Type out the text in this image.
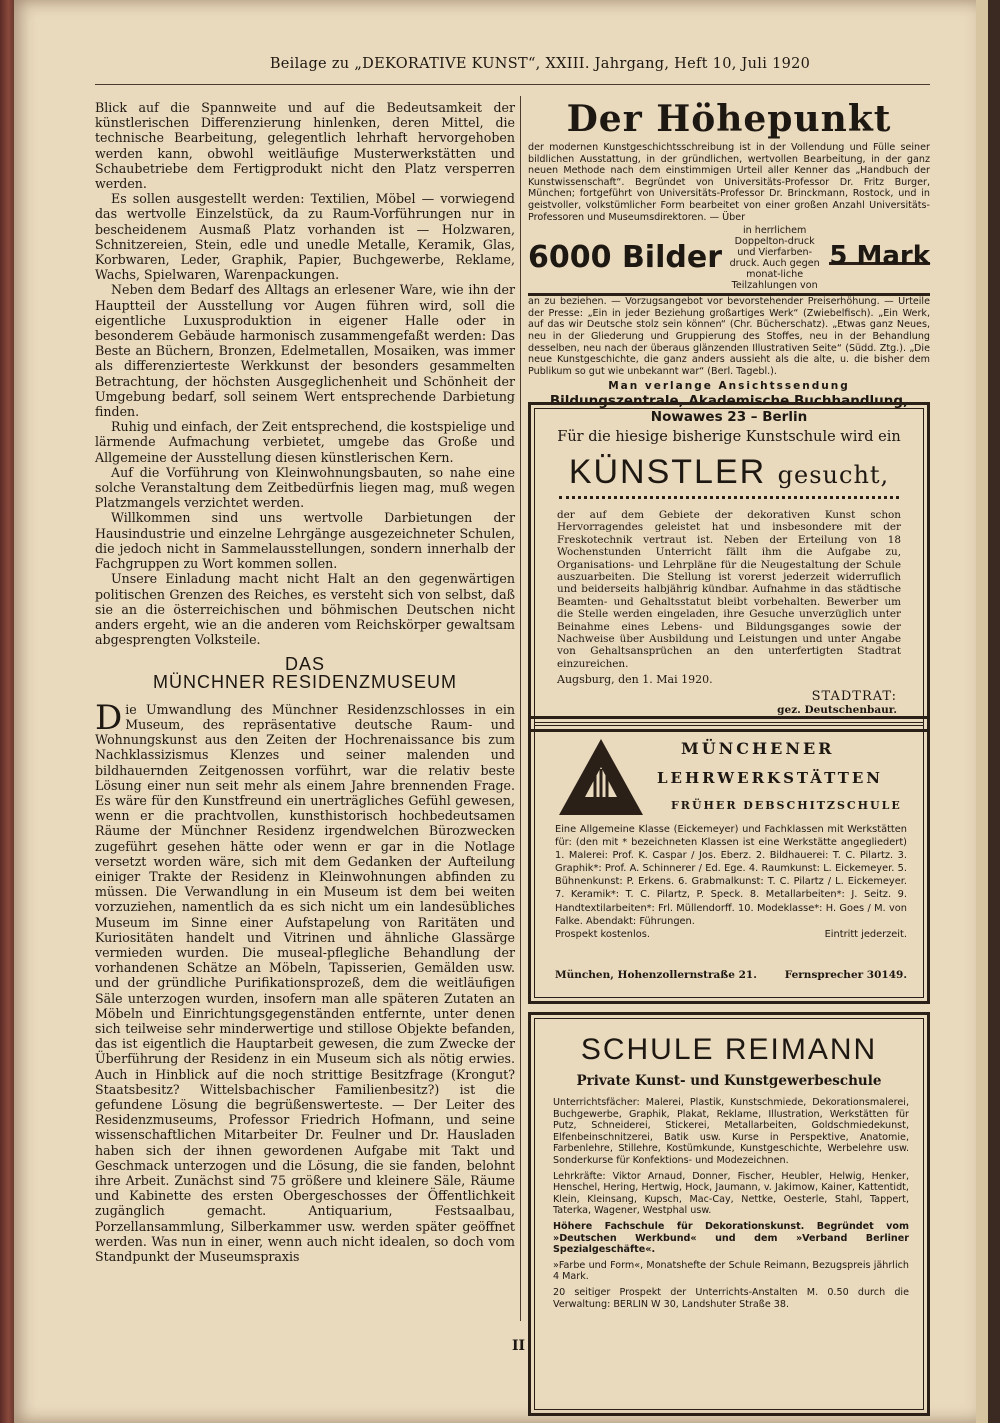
Beilage zu „DEKORATIVE KUNST“, XXIII. Jahrgang, Heft 10, Juli 1920

Blick auf die Spannweite und auf die Bedeutsamkeit der künstlerischen Differenzierung hinlenken, deren Mittel, die technische Bearbeitung, gelegentlich lehrhaft hervorgehoben werden kann, obwohl weitläufige Musterwerkstätten und Schaubetriebe dem Fertigprodukt nicht den Platz versperren werden.

Es sollen ausgestellt werden: Textilien, Möbel — vorwiegend das wertvolle Einzelstück, da zu Raum-Vorführungen nur in bescheidenem Ausmaß Platz vorhanden ist — Holzwaren, Schnitzereien, Stein, edle und unedle Metalle, Keramik, Glas, Korbwaren, Leder, Graphik, Papier, Buchgewerbe, Reklame, Wachs, Spielwaren, Warenpackungen.

Neben dem Bedarf des Alltags an erlesener Ware, wie ihn der Hauptteil der Ausstellung vor Augen führen wird, soll die eigentliche Luxusproduktion in eigener Halle oder in besonderem Gebäude harmonisch zusammengefaßt werden: Das Beste an Büchern, Bronzen, Edelmetallen, Mosaiken, was immer als differenzierteste Werkkunst der besonders gesammelten Betrachtung, der höchsten Ausgeglichenheit und Schönheit der Umgebung bedarf, soll seinem Wert entsprechende Darbietung finden.

Ruhig und einfach, der Zeit entsprechend, die kostspielige und lärmende Aufmachung verbietet, umgebe das Große und Allgemeine der Ausstellung diesen künstlerischen Kern.

Auf die Vorführung von Kleinwohnungsbauten, so nahe eine solche Veranstaltung dem Zeitbedürfnis liegen mag, muß wegen Platzmangels verzichtet werden.

Willkommen sind uns wertvolle Darbietungen der Hausindustrie und einzelne Lehrgänge ausgezeichneter Schulen, die jedoch nicht in Sammelausstellungen, sondern innerhalb der Fachgruppen zu Wort kommen sollen.

Unsere Einladung macht nicht Halt an den gegenwärtigen politischen Grenzen des Reiches, es versteht sich von selbst, daß sie an die österreichischen und böhmischen Deutschen nicht anders ergeht, wie an die anderen vom Reichskörper gewaltsam abgesprengten Volksteile.

DAS
MÜNCHNER RESIDENZMUSEUM

Die Umwandlung des Münchner Residenzschlosses in ein Museum, des repräsentative deutsche Raum- und Wohnungskunst aus den Zeiten der Hochrenaissance bis zum Nachklassizismus Klenzes und seiner malenden und bildhauernden Zeitgenossen vorführt, war die relativ beste Lösung einer nun seit mehr als einem Jahre brennenden Frage. Es wäre für den Kunstfreund ein unerträgliches Gefühl gewesen, wenn er die prachtvollen, kunsthistorisch hochbedeutsamen Räume der Münchner Residenz irgendwelchen Bürozwecken zugeführt gesehen hätte oder wenn er gar in die Notlage versetzt worden wäre, sich mit dem Gedanken der Aufteilung einiger Trakte der Residenz in Kleinwohnungen abfinden zu müssen. Die Verwandlung in ein Museum ist dem bei weiten vorzuziehen, namentlich da es sich nicht um ein landesübliches Museum im Sinne einer Aufstapelung von Raritäten und Kuriositäten handelt und Vitrinen und ähnliche Glassärge vermieden wurden. Die museal-pflegliche Behandlung der vorhandenen Schätze an Möbeln, Tapisserien, Gemälden usw. und der gründliche Purifikationsprozeß, dem die weitläufigen Säle unterzogen wurden, insofern man alle späteren Zutaten an Möbeln und Einrichtungsgegenständen entfernte, unter denen sich teilweise sehr minderwertige und stillose Objekte befanden, das ist eigentlich die Hauptarbeit gewesen, die zum Zwecke der Überführung der Residenz in ein Museum sich als nötig erwies. Auch in Hinblick auf die noch strittige Besitzfrage (Krongut? Staatsbesitz? Wittelsbachischer Familienbesitz?) ist die gefundene Lösung die begrüßenswerteste. — Der Leiter des Residenzmuseums, Professor Friedrich Hofmann, und seine wissenschaftlichen Mitarbeiter Dr. Feulner und Dr. Hausladen haben sich der ihnen gewordenen Aufgabe mit Takt und Geschmack unterzogen und die Lösung, die sie fanden, belohnt ihre Arbeit. Zunächst sind 75 größere und kleinere Säle, Räume und Kabinette des ersten Obergeschosses der Öffentlichkeit zugänglich gemacht. Antiquarium, Festsaalbau, Porzellansammlung, Silberkammer usw. werden später geöffnet werden. Was nun in einer, wenn auch nicht idealen, so doch vom Standpunkt der Museumspraxis

Der Höhepunkt
der modernen Kunstgeschichtsschreibung ist in der Vollendung und Fülle seiner bildlichen Ausstattung, in der gründlichen, wertvollen Bearbeitung, in der ganz neuen Methode nach dem einstimmigen Urteil aller Kenner das „Handbuch der Kunstwissenschaft“. Begründet von Universitäts-Professor Dr. Fritz Burger, München; fortgeführt von Universitäts-Professor Dr. Brinckmann, Rostock, und in geistvoller, volkstümlicher Form bearbeitet von einer großen Anzahl Universitäts-Professoren und Museumsdirektoren. — Über
6000 Bilder
in herrlichem Doppelton-druck und Vierfarben-druck. Auch gegen monat-liche Teilzahlungen von
5 Mark
an zu beziehen. — Vorzugsangebot vor bevorstehender Preiserhöhung. — Urteile der Presse: „Ein in jeder Beziehung großartiges Werk“ (Zwiebelfisch). „Ein Werk, auf das wir Deutsche stolz sein können“ (Chr. Bücherschatz). „Etwas ganz Neues, neu in der Gliederung und Gruppierung des Stoffes, neu in der Behandlung desselben, neu nach der überaus glänzenden Illustrativen Seite“ (Südd. Ztg.). „Die neue Kunstgeschichte, die ganz anders aussieht als die alte, u. die bisher dem Publikum so gut wie unbekannt war“ (Berl. Tagebl.).
Man verlange Ansichtssendung
Bildungszentrale, Akademische Buchhandlung,
Nowawes 23 – Berlin
Für die hiesige bisherige Kunstschule wird ein
KÜNSTLER gesucht,
der auf dem Gebiete der dekorativen Kunst schon Hervorragendes geleistet hat und insbesondere mit der Freskotechnik vertraut ist. Neben der Erteilung von 18 Wochenstunden Unterricht fällt ihm die Aufgabe zu, Organisations- und Lehrpläne für die Neugestaltung der Schule auszuarbeiten. Die Stellung ist vorerst jederzeit widerruflich und beiderseits halbjährig kündbar. Aufnahme in das städtische Beamten- und Gehaltsstatut bleibt vorbehalten. Bewerber um die Stelle werden eingeladen, ihre Gesuche unverzüglich unter Beinahme eines Lebens- und Bildungsganges sowie der Nachweise über Ausbildung und Leistungen und unter Angabe von Gehaltsansprüchen an den unterfertigten Stadtrat einzureichen.
Augsburg, den 1. Mai 1920.
STADTRAT:
gez. Deutschenbaur.
MÜNCHENER
LEHRWERKSTÄTTEN
FRÜHER DEBSCHITZSCHULE
Eine Allgemeine Klasse (Eickemeyer) und Fachklassen mit Werkstätten für: (den mit * bezeichneten Klassen ist eine Werkstätte angegliedert) 1. Malerei: Prof. K. Caspar / Jos. Eberz. 2. Bildhauerei: T. C. Pilartz. 3. Graphik*: Prof. A. Schinnerer / Ed. Ege. 4. Raumkunst: L. Eickemeyer. 5. Bühnenkunst: P. Erkens. 6. Grabmalkunst: T. C. Pilartz / L. Eickemeyer. 7. Keramik*: T. C. Pilartz, P. Speck. 8. Metallarbeiten*: J. Seitz. 9. Handtextilarbeiten*: Frl. Müllendorff. 10. Modeklasse*: H. Goes / M. von Falke. Abendakt: Führungen.
Prospekt kostenlos.	Eintritt jederzeit.
München, Hohenzollernstraße 21.	Fernsprecher 30149.
SCHULE REIMANN
Private Kunst- und Kunstgewerbeschule

Unterrichtsfächer: Malerei, Plastik, Kunstschmiede, Dekorationsmalerei, Buchgewerbe, Graphik, Plakat, Reklame, Illustration, Werkstätten für Putz, Schneiderei, Stickerei, Metallarbeiten, Goldschmiedekunst, Elfenbeinschnitzerei, Batik usw. Kurse in Perspektive, Anatomie, Farbenlehre, Stillehre, Kostümkunde, Kunstgeschichte, Werbelehre usw. Sonderkurse für Konfektions- und Modezeichnen.

Lehrkräfte: Viktor Arnaud, Donner, Fischer, Heubler, Helwig, Henker, Henschel, Hering, Hertwig, Hock, Jaumann, v. Jakimow, Kainer, Kattentidt, Klein, Kleinsang, Kupsch, Mac-Cay, Nettke, Oesterle, Stahl, Tappert, Taterka, Wagener, Westphal usw.

Höhere Fachschule für Dekorationskunst. Begründet vom »Deutschen Werkbund« und dem »Verband Berliner Spezialgeschäfte«.

»Farbe und Form«, Monatshefte der Schule Reimann, Bezugspreis jährlich 4 Mark.

20 seitiger Prospekt der Unterrichts-Anstalten M. 0.50 durch die Verwaltung: BERLIN W 30, Landshuter Straße 38.

II
